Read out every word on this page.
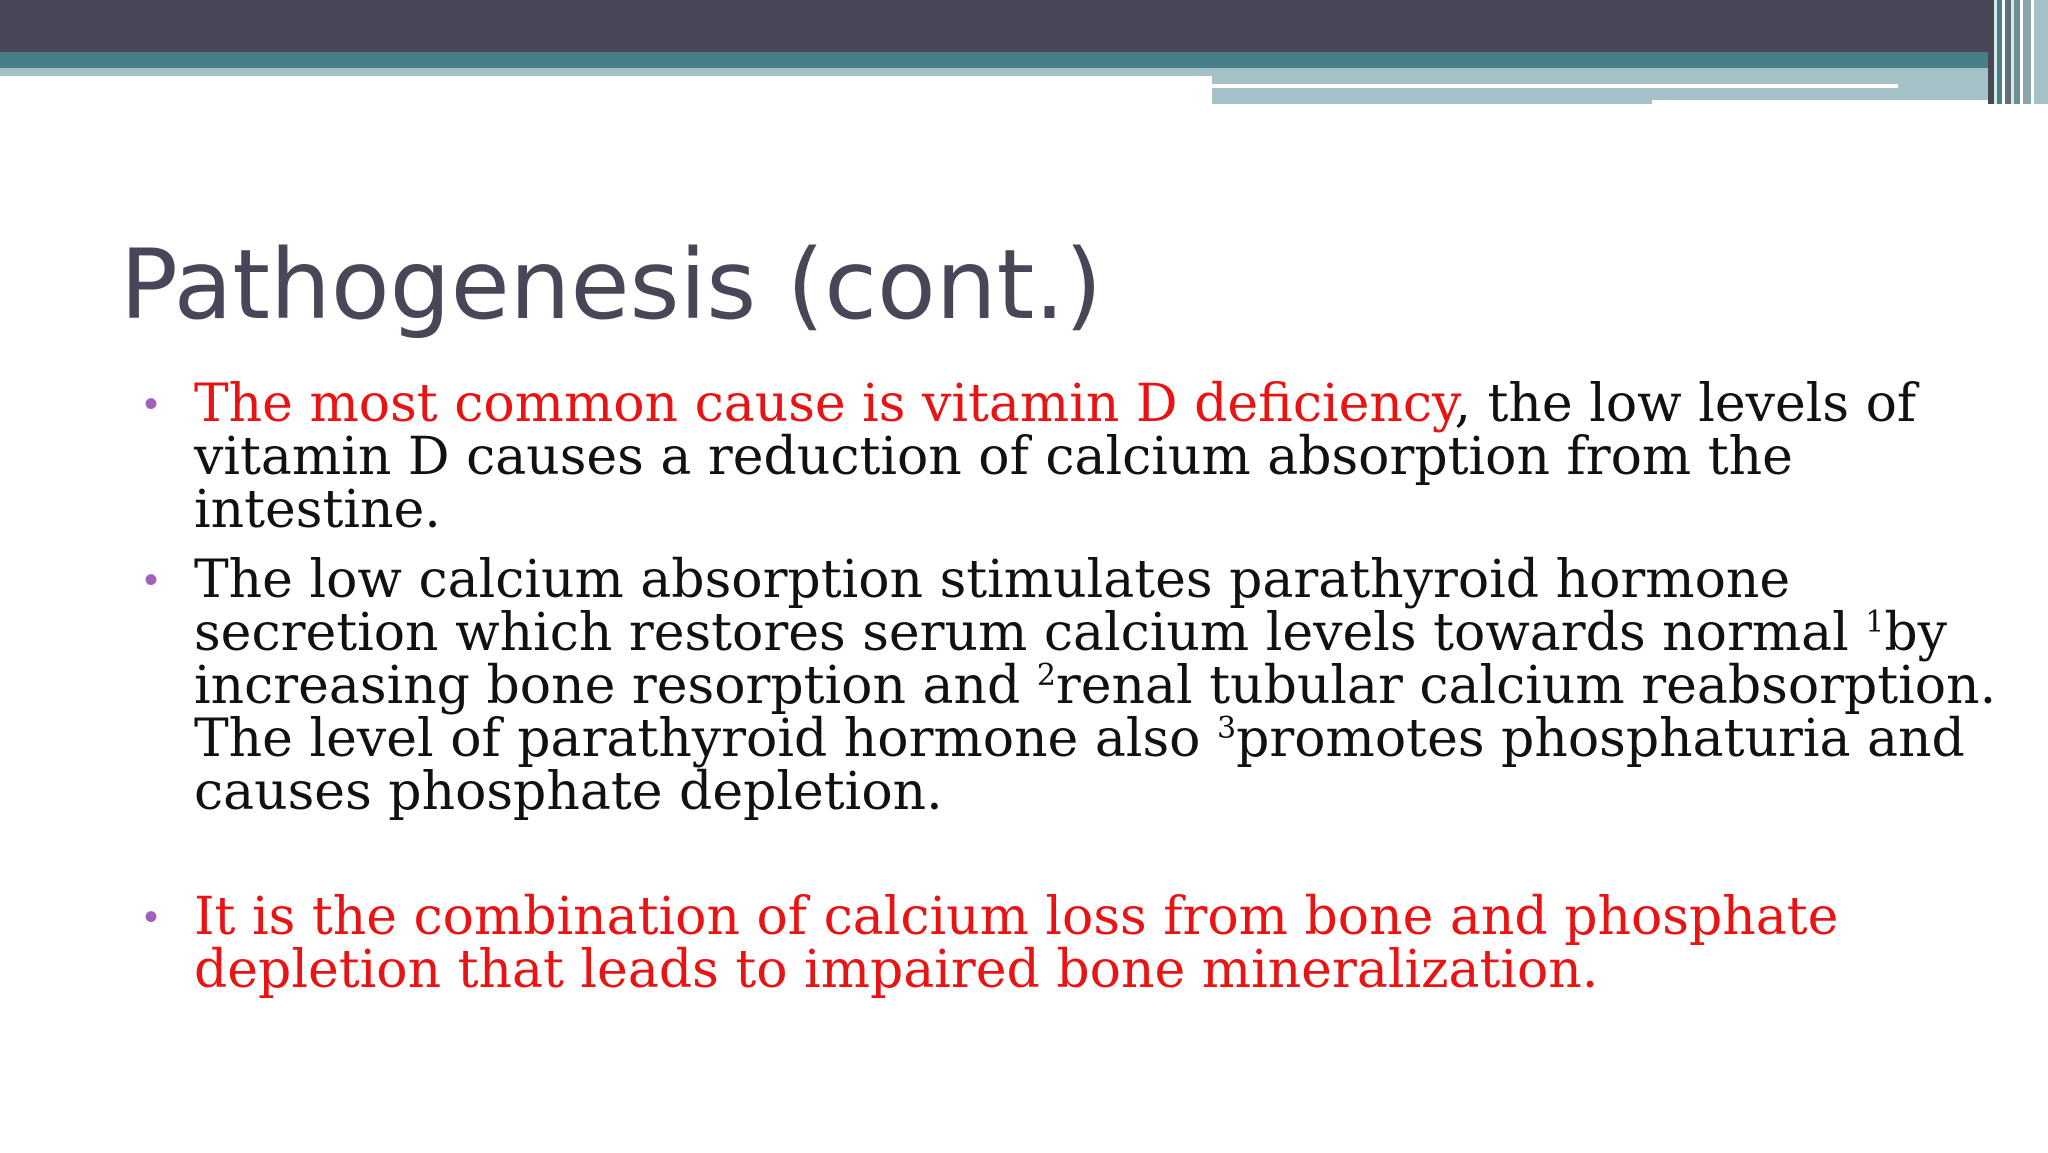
Pathogenesis (cont.)
• The most common cause is vitamin D deficiency, the low levels of vitamin D causes a reduction of calcium absorption from the intestine.
• The low calcium absorption stimulates parathyroid hormone secretion which restores serum calcium levels towards normal $^1$by increasing bone resorption and $^2$renal tubular calcium reabsorption. The level of parathyroid hormone also $^3$promotes phosphaturia and causes phosphate depletion.
• It is the combination of calcium loss from bone and phosphate depletion that leads to impaired bone mineralization.
